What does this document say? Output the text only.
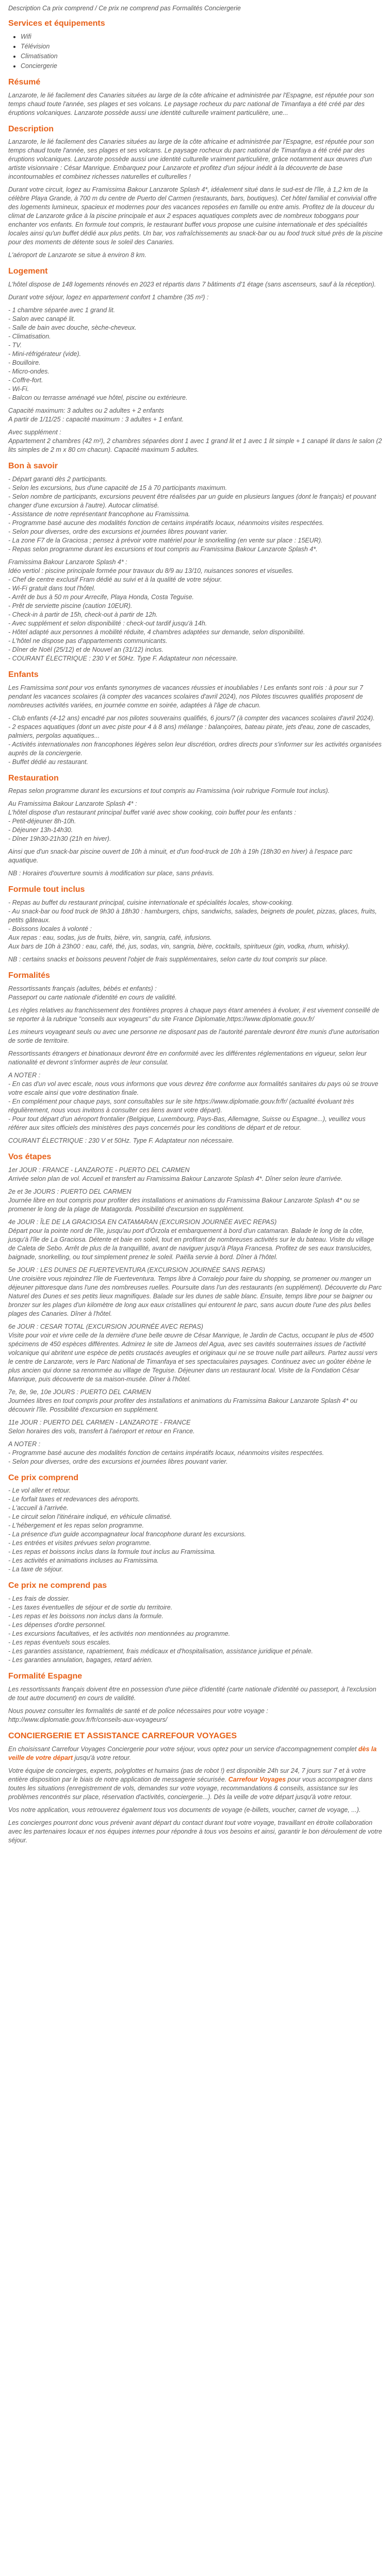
Description Ca prix comprend / Ce prix ne comprend pas Formalités Conciergerie

Services et équipements
• Wifi
• Télévision
• Climatisation
• Conciergerie
Résumé

Lanzarote, le lié facilement des Canaries situées au large de la côte africaine et administrée par l'Espagne, est réputée pour son temps chaud toute l'année, ses plages et ses volcans. Le paysage rocheux du parc national de Timanfaya a été créé par des éruptions volcaniques. Lanzarote possède aussi une identité culturelle vraiment particulière, une...

Description

Lanzarote, le lié facilement des Canaries situées au large de la côte africaine et administrée par l'Espagne, est réputée pour son temps chaud toute l'année, ses plages et ses volcans. Le paysage rocheux du parc national de Timanfaya a été créé par des éruptions volcaniques. Lanzarote possède aussi une identité culturelle vraiment particulière, grâce notamment aux œuvres d'un artiste visionnaire : César Manrique. Embarquez pour Lanzarote et profitez d'un séjour inédit à la découverte de base incontournables et combinez richesses naturelles et culturelles !

Durant votre circuit, logez au Framissima Bakour Lanzarote Splash 4*, idéalement situé dans le sud-est de l'île, à 1,2 km de la célèbre Playa Grande, à 700 m du centre de Puerto del Carmen (restaurants, bars, boutiques). Cet hôtel familial et convivial offre des logements lumineux, spacieux et modernes pour des vacances reposées en famille ou entre amis. Profitez de la douceur du climat de Lanzarote grâce à la piscine principale et aux 2 espaces aquatiques complets avec de nombreux toboggans pour enchanter vos enfants. En formule tout compris, le restaurant buffet vous propose une cuisine internationale et des spécialités locales ainsi qu'un buffet dédié aux plus petits. Un bar, vos rafraîchissements au snack-bar ou au food truck situé près de la piscine pour des moments de détente sous le soleil des Canaries.

L'aéroport de Lanzarote se situe à environ 8 km.

Logement

L'hôtel dispose de 148 logements rénovés en 2023 et répartis dans 7 bâtiments d'1 étage (sans ascenseurs, sauf à la réception).

Durant votre séjour, logez en appartement confort 1 chambre (35 m²) :

- 1 chambre séparée avec 1 grand lit.
- Salon avec canapé lit.
- Salle de bain avec douche, sèche-cheveux.
- Climatisation.
- TV.
- Mini-réfrigérateur (vide).
- Bouilloire.
- Micro-ondes.
- Coffre-fort.
- Wi-Fi.
- Balcon ou terrasse aménagé vue hôtel, piscine ou extérieure.

Capacité maximum: 3 adultes ou 2 adultes + 2 enfants
A partir de 1/11/25 : capacité maximum : 3 adultes + 1 enfant.

Avec supplément :
Appartement 2 chambres (42 m²), 2 chambres séparées dont 1 avec 1 grand lit et 1 avec 1 lit simple + 1 canapé lit dans le salon (2 lits simples de 2 m x 80 cm chacun). Capacité maximum 5 adultes.

Bon à savoir

- Départ garanti dès 2 participants.
- Selon les excursions, bus d'une capacité de 15 à 70 participants maximum.
- Selon nombre de participants, excursions peuvent être réalisées par un guide en plusieurs langues (dont le français) et pouvant changer d'une excursion à l'autre). Autocar climatisé.
- Assistance de notre représentant francophone au Framissima.
- Programme basé aucune des modalités fonction de certains impératifs locaux, néanmoins visites respectées.
- Selon pour diverses, ordre des excursions et journées libres pouvant varier.
- La zone F7 de la Graciosa ; pensez à prévoir votre matériel pour le snorkelling (en vente sur place : 15EUR).
- Repas selon programme durant les excursions et tout compris au Framissima Bakour Lanzarote Splash 4*.

Framissima Bakour Lanzarote Splash 4* :
Idéo vertiol : piscine principale formée pour travaux du 8/9 au 13/10, nuisances sonores et visuelles.
- Chef de centre exclusif Fram dédié au suivi et à la qualité de votre séjour.
- Wi-Fi gratuit dans tout l'hôtel.
- Arrêt de bus à 50 m pour Arrecife, Playa Honda, Costa Teguise.
- Prêt de serviette piscine (caution 10EUR).
- Check-in à partir de 15h, check-out à partir de 12h.
- Avec supplément et selon disponibilité : check-out tardif jusqu'à 14h.
- Hôtel adapté aux personnes à mobilité réduite, 4 chambres adaptées sur demande, selon disponibilité.
- L'hôtel ne dispose pas d'appartements communicants.
- Dîner de Noël (25/12) et de Nouvel an (31/12) inclus.
- COURANT ÉLECTRIQUE : 230 V et 50Hz. Type F. Adaptateur non nécessaire.

Enfants

Les Framissima sont pour vos enfants synonymes de vacances réussies et inoubliables ! Les enfants sont rois : à pour sur 7 pendant les vacances scolaires (à compter des vacances scolaires d'avril 2024), nos Pilotes tiscuvres qualifiés proposent de nombreuses activités variées, en journée comme en soirée, adaptées à l'âge de chacun.

- Club enfants (4-12 ans) encadré par nos pilotes souverains qualifiés, 6 jours/7 (à compter des vacances scolaires d'avril 2024).
- 2 espaces aquatiques (dont un avec piste pour 4 à 8 ans) mélange : balançoires, bateau pirate, jets d'eau, zone de cascades, palmiers, pergolas aquatiques...
- Activités internationales non francophones légères selon leur discrétion, ordres directs pour s'informer sur les activités organisées auprès de la conciergerie.
- Buffet dédié au restaurant.

Restauration

Repas selon programme durant les excursions et tout compris au Framissima (voir rubrique Formule tout inclus).

Au Framissima Bakour Lanzarote Splash 4* :
L'hôtel dispose d'un restaurant principal buffet varié avec show cooking, coin buffet pour les enfants :
- Petit-déjeuner 8h-10h.
- Déjeuner 13h-14h30.
- Dîner 19h30-21h30 (21h en hiver).

Ainsi que d'un snack-bar piscine ouvert de 10h à minuit, et d'un food-truck de 10h à 19h (18h30 en hiver) à l'espace parc aquatique.

NB : Horaires d'ouverture soumis à modification sur place, sans préavis.

Formule tout inclus

- Repas au buffet du restaurant principal, cuisine internationale et spécialités locales, show-cooking.
- Au snack-bar ou food truck de 9h30 à 18h30 : hamburgers, chips, sandwichs, salades, beignets de poulet, pizzas, glaces, fruits, petits gâteaux.
- Boissons locales à volonté :
Aux repas : eau, sodas, jus de fruits, bière, vin, sangria, café, infusions.
Aux bars de 10h à 23h00 : eau, café, thé, jus, sodas, vin, sangria, bière, cocktails, spiritueux (gin, vodka, rhum, whisky).

NB : certains snacks et boissons peuvent l'objet de frais supplémentaires, selon carte du tout compris sur place.

Formalités

Ressortissants français (adultes, bébés et enfants) :
Passeport ou carte nationale d'identité en cours de validité.

Les règles relatives au franchissement des frontières propres à chaque pays étant amenées à évoluer, il est vivement conseillé de se reporter à la rubrique "conseils aux voyageurs" du site France Diplomatie,https://www.diplomatie.gouv.fr/

Les mineurs voyageant seuls ou avec une personne ne disposant pas de l'autorité parentale devront être munis d'une autorisation de sortie de territoire.

Ressortissants étrangers et binationaux devront être en conformité avec les différentes réglementations en vigueur, selon leur nationalité et devront s'informer auprès de leur consulat.

A NOTER :
- En cas d'un vol avec escale, nous vous informons que vous devrez être conforme aux formalités sanitaires du pays où se trouve votre escale ainsi que votre destination finale.
- En complément pour chaque pays, sont consultables sur le site https://www.diplomatie.gouv.fr/fr/ (actualité évoluant très régulièrement, nous vous invitons à consulter ces liens avant votre départ).
- Pour tout départ d'un aéroport frontalier (Belgique, Luxembourg, Pays-Bas, Allemagne, Suisse ou Espagne...), veuillez vous référer aux sites officiels des ministères des pays concernés pour les conditions de départ et de retour.

COURANT ÉLECTRIQUE : 230 V et 50Hz. Type F. Adaptateur non nécessaire.

Vos étapes

1er JOUR : FRANCE - LANZAROTE - PUERTO DEL CARMEN
Arrivée selon plan de vol. Accueil et transfert au Framissima Bakour Lanzarote Splash 4*. Dîner selon leure d'arrivée.

2e et 3e JOURS : PUERTO DEL CARMEN
Journée libre en tout compris pour profiter des installations et animations du Framissima Bakour Lanzarote Splash 4* ou se promener le long de la plage de Matagorda. Possibilité d'excursion en supplément.

4e JOUR : ÎLE DE LA GRACIOSA EN CATAMARAN (EXCURSION JOURNÉE AVEC REPAS)
Départ pour la pointe nord de l'île, jusqu'au port d'Órzola et embarquement à bord d'un catamaran. Balade le long de la côte, jusqu'à l'île de La Graciosa. Détente et baie en soleil, tout en profitant de nombreuses activités sur le du bateau. Visite du village de Caleta de Sebo. Arrêt de plus de la tranquillité, avant de naviguer jusqu'à Playa Francesa. Profitez de ses eaux translucides, baignade, snorkelling, ou tout simplement prenez le soleil. Paëlla servie à bord. Dîner à l'hôtel.

5e JOUR : LES DUNES DE FUERTEVENTURA (EXCURSION JOURNÉE SANS REPAS)
Une croisière vous rejoindrez l'île de Fuerteventura. Temps libre à Corralejo pour faire du shopping, se promener ou manger un déjeuner pittoresque dans l'une des nombreuses ruelles. Poursuite dans l'un des restaurants (en supplément). Découverte du Parc Naturel des Dunes et ses petits lieux magnifiques. Balade sur les dunes de sable blanc. Ensuite, temps libre pour se baigner ou bronzer sur les plages d'un kilomètre de long aux eaux cristallines qui entourent le parc, sans aucun doute l'une des plus belles plages des Canaries. Dîner à l'hôtel.

6e JOUR : CESAR TOTAL (EXCURSION JOURNÉE AVEC REPAS)
Visite pour voir et vivre celle de la dernière d'une belle œuvre de César Manrique, le Jardin de Cactus, occupant le plus de 4500 spécimens de 450 espèces différentes. Admirez le site de Jameos del Agua, avec ses cavités souterraines issues de l'activité volcanique qui abritent une espèce de petits crustacés aveugles et originaux qui ne se trouve nulle part ailleurs. Partez aussi vers le centre de Lanzarote, vers le Parc National de Timanfaya et ses spectaculaires paysages. Continuez avec un goûter ébène le plus ancien qui donne sa renommée au village de Teguise. Déjeuner dans un restaurant local. Visite de la Fondation César Manrique, puis découverte de sa maison-musée. Dîner à l'hôtel.

7e, 8e, 9e, 10e JOURS : PUERTO DEL CARMEN
Journées libres en tout compris pour profiter des installations et animations du Framissima Bakour Lanzarote Splash 4* ou découvrir l'île. Possibilité d'excursion en supplément.

11e JOUR : PUERTO DEL CARMEN - LANZAROTE - FRANCE
Selon horaires des vols, transfert à l'aéroport et retour en France.

A NOTER :
- Programme basé aucune des modalités fonction de certains impératifs locaux, néanmoins visites respectées.
- Selon pour diverses, ordre des excursions et journées libres pouvant varier.

Ce prix comprend

- Le vol aller et retour.
- Le forfait taxes et redevances des aéroports.
- L'accueil à l'arrivée.
- Le circuit selon l'itinéraire indiqué, en véhicule climatisé.
- L'hébergement et les repas selon programme.
- La présence d'un guide accompagnateur local francophone durant les excursions.
- Les entrées et visites prévues selon programme.
- Les repas et boissons inclus dans la formule tout inclus au Framissima.
- Les activités et animations incluses au Framissima.
- La taxe de séjour.

Ce prix ne comprend pas

- Les frais de dossier.
- Les taxes éventuelles de séjour et de sortie du territoire.
- Les repas et les boissons non inclus dans la formule.
- Les dépenses d'ordre personnel.
- Les excursions facultatives, et les activités non mentionnées au programme.
- Les repas éventuels sous escales.
- Les garanties assistance, rapatriement, frais médicaux et d'hospitalisation, assistance juridique et pénale.
- Les garanties annulation, bagages, retard aérien.

Formalité Espagne

Les ressortissants français doivent être en possession d'une pièce d'identité (carte nationale d'identité ou passeport, à l'exclusion de tout autre document) en cours de validité.

Nous pouvez consulter les formalités de santé et de police nécessaires pour votre voyage : http://www.diplomatie.gouv.fr/fr/conseils-aux-voyageurs/

CONCIERGERIE ET ASSISTANCE CARREFOUR VOYAGES

En choisissant Carrefour Voyages Conciergerie pour votre séjour, vous optez pour un service d'accompagnement complet dès la veille de votre départ jusqu'à votre retour.

Votre équipe de concierges, experts, polyglottes et humains (pas de robot !) est disponible 24h sur 24, 7 jours sur 7 et à votre entière disposition par le biais de notre application de messagerie sécurisée. Carrefour Voyages pour vous accompagner dans toutes les situations (enregistrement de vols, demandes sur votre voyage, recommandations & conseils, assistance sur les problèmes rencontrés sur place, réservation d'activités, conciergerie...). Dès la veille de votre départ jusqu'à votre retour.

Vos notre application, vous retrouverez également tous vos documents de voyage (e-billets, voucher, carnet de voyage, ...).

Les concierges pourront donc vous prévenir avant départ du contact durant tout votre voyage, travaillant en étroite collaboration avec les partenaires locaux et nos équipes internes pour répondre à tous vos besoins et ainsi, garantir le bon déroulement de votre séjour.
